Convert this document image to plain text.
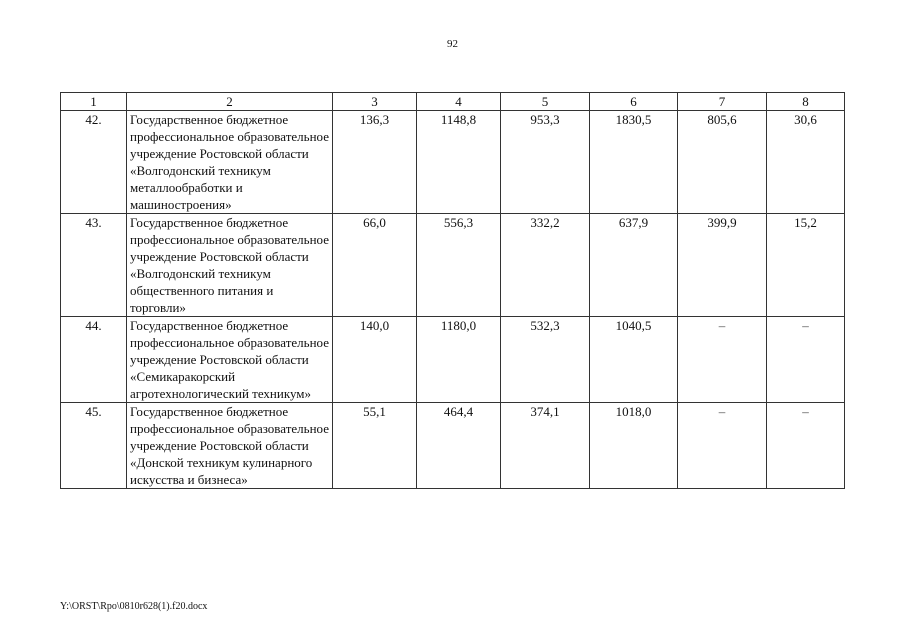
92
1	2	3	4	5	6	7	8
42.	Государственное бюджетное профессиональное образовательное учреждение Ростовской области «Волгодонский техникум металлообработки и машиностроения»	136,3	1148,8	953,3	1830,5	805,6	30,6
43.	Государственное бюджетное профессиональное образовательное учреждение Ростовской области «Волгодонский техникум общественного питания и торговли»	66,0	556,3	332,2	637,9	399,9	15,2
44.	Государственное бюджетное профессиональное образовательное учреждение Ростовской области «Семикаракорский агротехнологический техникум»	140,0	1180,0	532,3	1040,5	–	–
45.	Государственное бюджетное профессиональное образовательное учреждение Ростовской области «Донской техникум кулинарного искусства и бизнеса»	55,1	464,4	374,1	1018,0	–	–
Y:\ORST\Rpo\0810r628(1).f20.docx
